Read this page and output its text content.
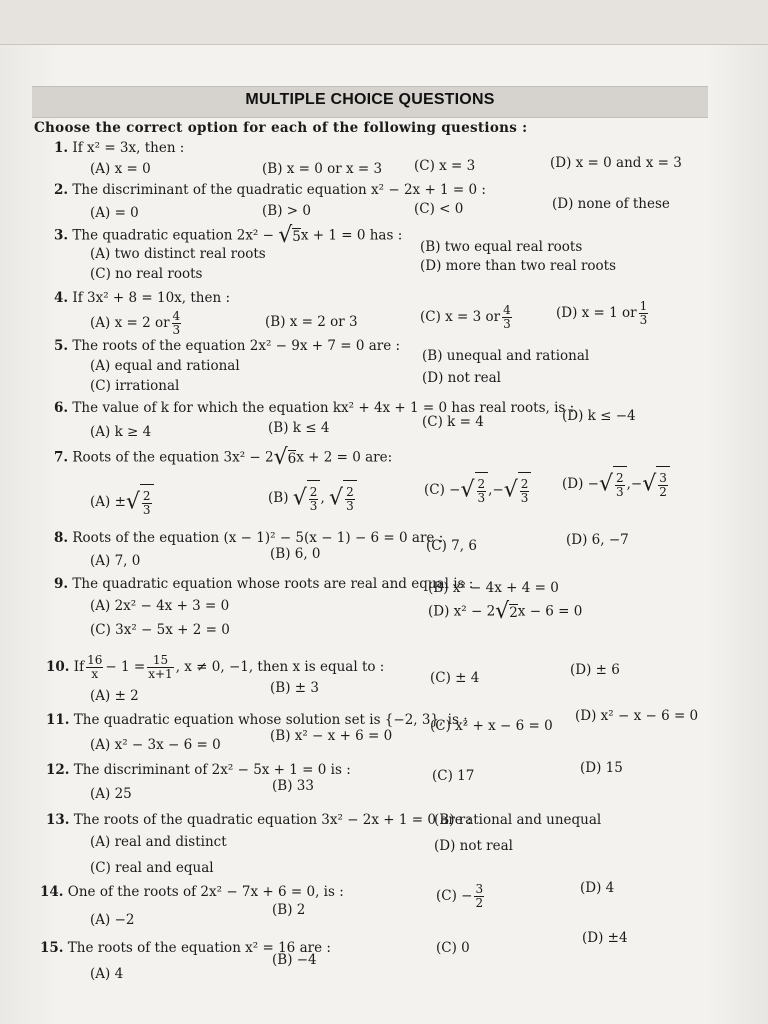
MULTIPLE CHOICE QUESTIONS
Choose the correct option for each of the following questions :
1. If x² = 3x, then :
(A) x = 0	(B) x = 0 or x = 3 (C) x = 3	(D) x = 0 and x = 3
2. The discriminant of the quadratic equation x² − 2x + 1 = 0 :
(A) = 0	(B) > 0	(C) < 0	(D) none of these
3. The quadratic equation 2x² − √5x + 1 = 0 has :
(A) two distinct real roots	(B) two equal real roots
(C) no real roots	(D) more than two real roots
4. If 3x² + 8 = 10x, then :
(A) x = 2 or $\frac{4}{3}$	(B) x = 2 or 3	(C) x = 3 or $\frac{4}{3}$	(D) x = 1 or $\frac{1}{3}$
5. The roots of the equation 2x² − 9x + 7 = 0 are :
(A) equal and rational
(B) unequal and rational
(C) irrational	(D) not real
6. The value of k for which the equation kx² + 4x + 1 = 0 has real roots, is :
(A) k ≥ 4	(B) k ≤ 4	(C) k = 4	(D) k ≤ −4
7. Roots of the equation 3x² − 2√6x + 2 = 0 are:
(A) ±√ $\frac{2}{3}$	(B) √ $\frac{2}{3}$ , √ $\frac{2}{3}$	(C) −√ $\frac{2}{3}$ ,−√ $\frac{2}{3} (D)$ −√ $\frac{2}{3}$ ,−√ $\frac{3}{2}$
8. Roots of the equation (x − 1)² − 5(x − 1) − 6 = 0 are :
(A) 7, 0	(B) 6, 0	(C) 7, 6	(D) 6, −7
9. The quadratic equation whose roots are real and equal is :
(A) 2x² − 4x + 3 = 0
(B) x² − 4x + 4 = 0
(C) 3x² − 5x + 2 = 0
(D) x² − 2√2x − 6 = 0
10. If $\frac{16}{x} - 1 = \frac{15}{x+1}$ , x ≠ 0, −1, then x is equal to :
(A) ± 2	(B) ± 3
(C) ± 4	(D) ± 6
11. The quadratic equation whose solution set is {−2, 3}, is :
(A) x² − 3x − 6 = 0
(B) x² − x + 6 = 0
(C) x² + x − 6 = 0
(D) x² − x − 6 = 0
12. The discriminant of 2x² − 5x + 1 = 0 is :
(A) 25	(B) 33
(C) 17	(D) 15
13. The roots of the quadratic equation 3x² − 2x + 1 = 0 are :
(A) real and distinct
(B) rational and unequal
(C) real and equal
(D) not real
14. One of the roots of 2x² − 7x + 6 = 0, is :
(A) −2
(B) 2
$(C) - \frac{3}{2}$	(D) 4
15. The roots of the equation x² = 16 are :
(A) 4
(B) −4
(C) 0
(D) ±4
